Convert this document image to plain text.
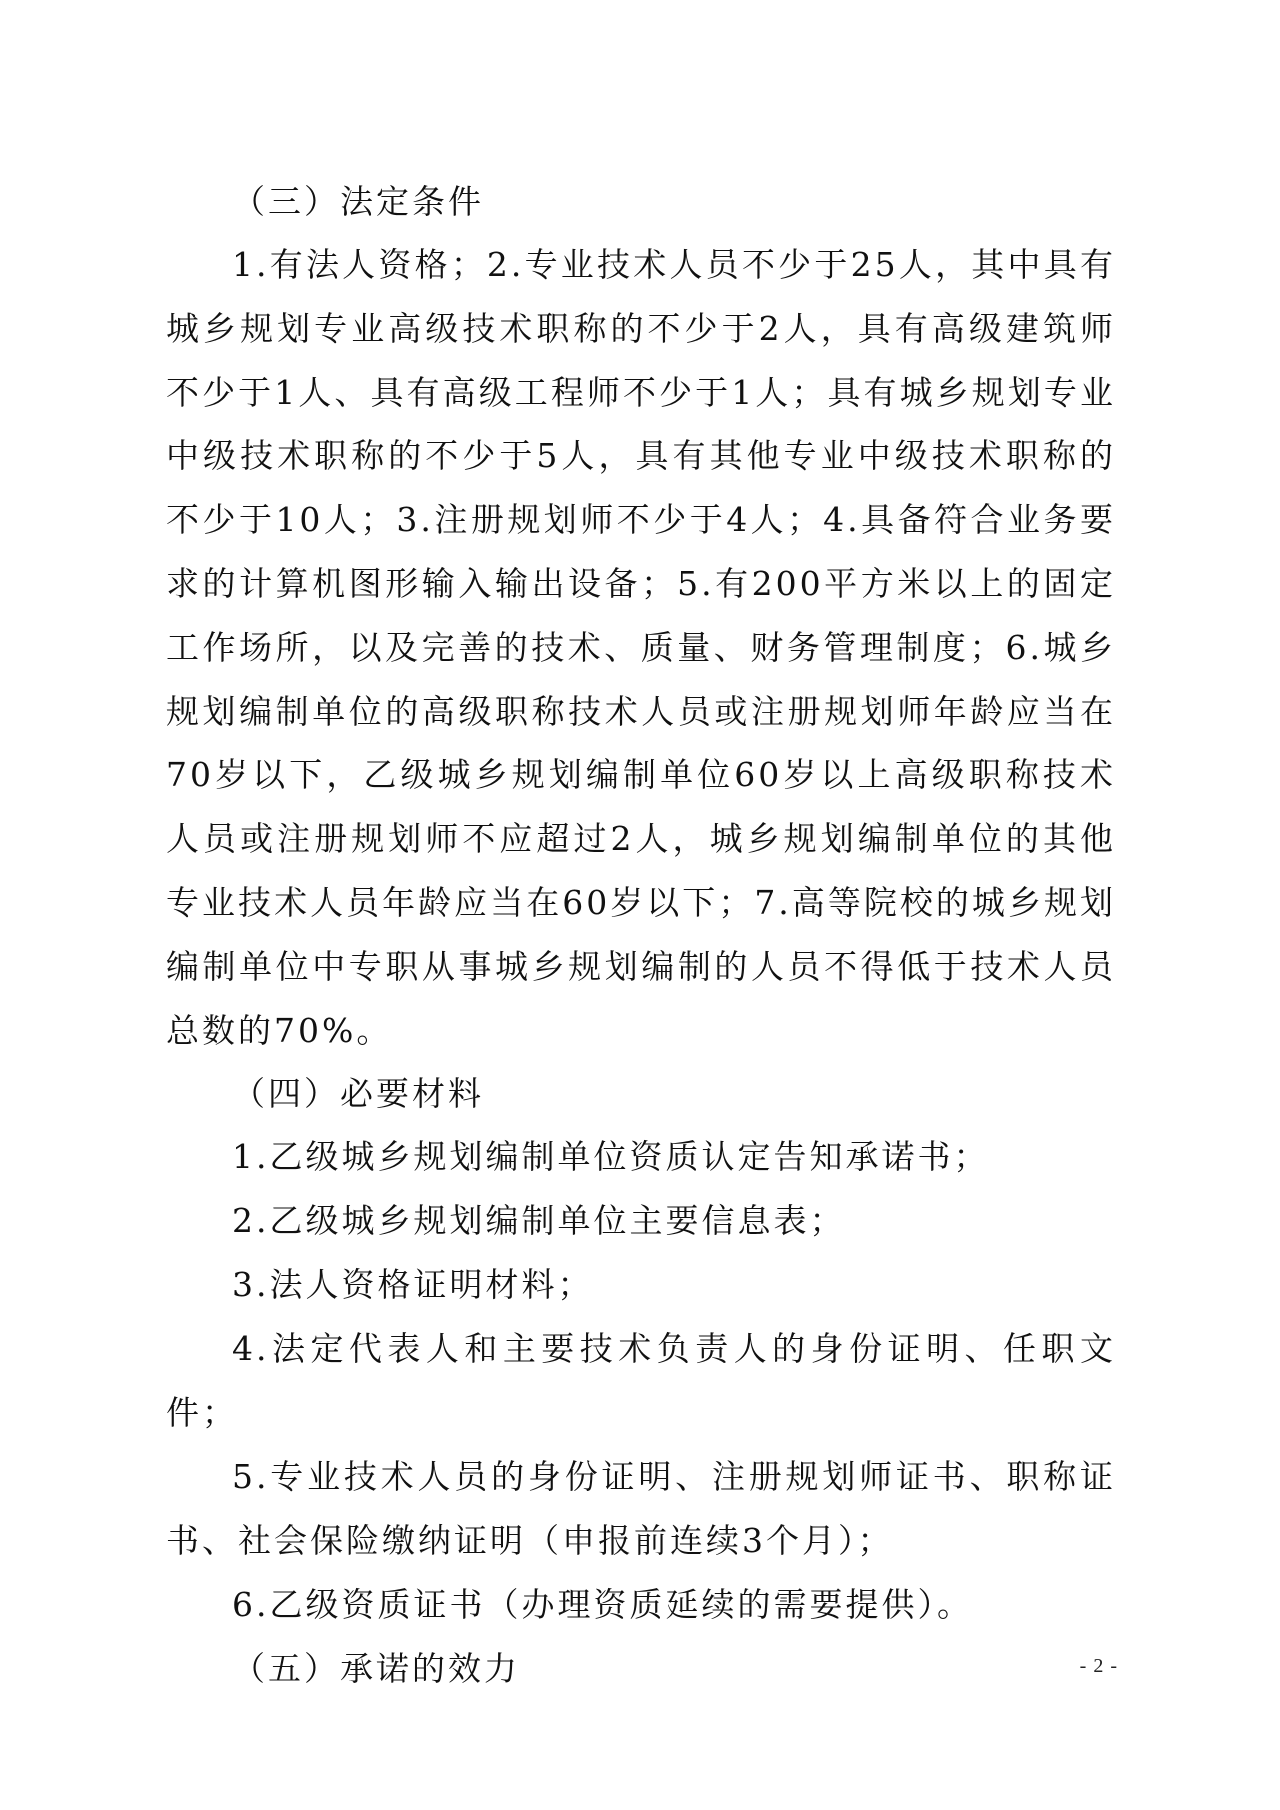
（三）法定条件

1.有法人资格；2.专业技术人员不少于25人，其中具有城乡规划专业高级技术职称的不少于2人，具有高级建筑师不少于1人、具有高级工程师不少于1人；具有城乡规划专业中级技术职称的不少于5人，具有其他专业中级技术职称的不少于10人；3.注册规划师不少于4人；4.具备符合业务要求的计算机图形输入输出设备；5.有200平方米以上的固定工作场所，以及完善的技术、质量、财务管理制度；6.城乡规划编制单位的高级职称技术人员或注册规划师年龄应当在70岁以下，乙级城乡规划编制单位60岁以上高级职称技术人员或注册规划师不应超过2人，城乡规划编制单位的其他专业技术人员年龄应当在60岁以下；7.高等院校的城乡规划编制单位中专职从事城乡规划编制的人员不得低于技术人员总数的70%。

（四）必要材料

1.乙级城乡规划编制单位资质认定告知承诺书；

2.乙级城乡规划编制单位主要信息表；

3.法人资格证明材料；

4.法定代表人和主要技术负责人的身份证明、任职文件；

5.专业技术人员的身份证明、注册规划师证书、职称证书、社会保险缴纳证明（申报前连续3个月）；

6.乙级资质证书（办理资质延续的需要提供）。

（五）承诺的效力	- 2 -
